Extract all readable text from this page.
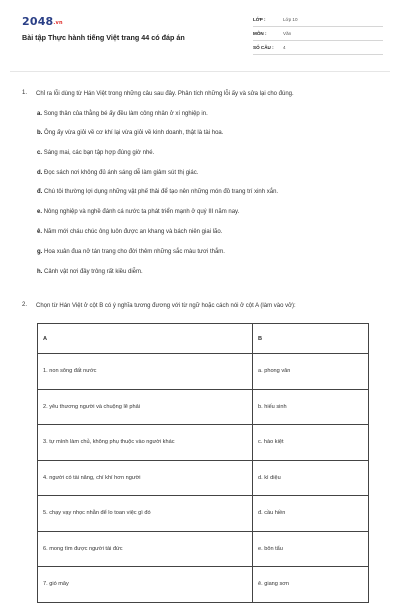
2048.vn
Bài tập Thực hành tiếng Việt trang 44 có đáp án
LỚP :	Lớp 10
MÔN :	Văn
SỐ CÂU :	4
1. Chỉ ra lỗi dùng từ Hán Việt trong những câu sau đây. Phân tích những lỗi ấy và sửa lại cho đúng.
a. Song thân của thằng bé ấy đều làm công nhân ở xí nghiệp in.
b. Ông ấy vừa giỏi về cơ khí lại vừa giỏi về kinh doanh, thật là tài hoa.
c. Sáng mai, các bạn tập hợp đúng giờ nhé.
d. Đọc sách nơi không đủ ánh sáng dễ làm giảm sút thị giác.
đ. Chú tôi thường lợi dụng những vật phế thải để tạo nên những món đồ trang trí xinh xắn.
e. Nông nghiệp và nghề đánh cá nước ta phát triển mạnh ở quý III năm nay.
ê. Năm mới cháu chúc ông luôn được an khang và bách niên giai lão.
g. Hoa xuân đua nở tán trang cho đời thêm những sắc màu tươi thắm.
h. Cảnh vật nơi đây trông rất kiều diễm.
2. Chọn từ Hán Việt ở cột B có ý nghĩa tương đương với từ ngữ hoặc cách nói ở cột A (làm vào vở):
A	B
1. non sông đất nước	a. phong vân
2. yêu thương người và chuộng lẽ phải	b. hiếu sinh
3. tự mình làm chủ, không phụ thuộc vào người khác	c. hào kiệt
4. người có tài năng, chí khí hơn người	d. kì diệu
5. chạy vạy nhọc nhằn để lo toan việc gì đó	đ. cầu hiền
6. mong tìm được người tài đức	e. bôn tẩu
7. gió mây	ê. giang sơn
